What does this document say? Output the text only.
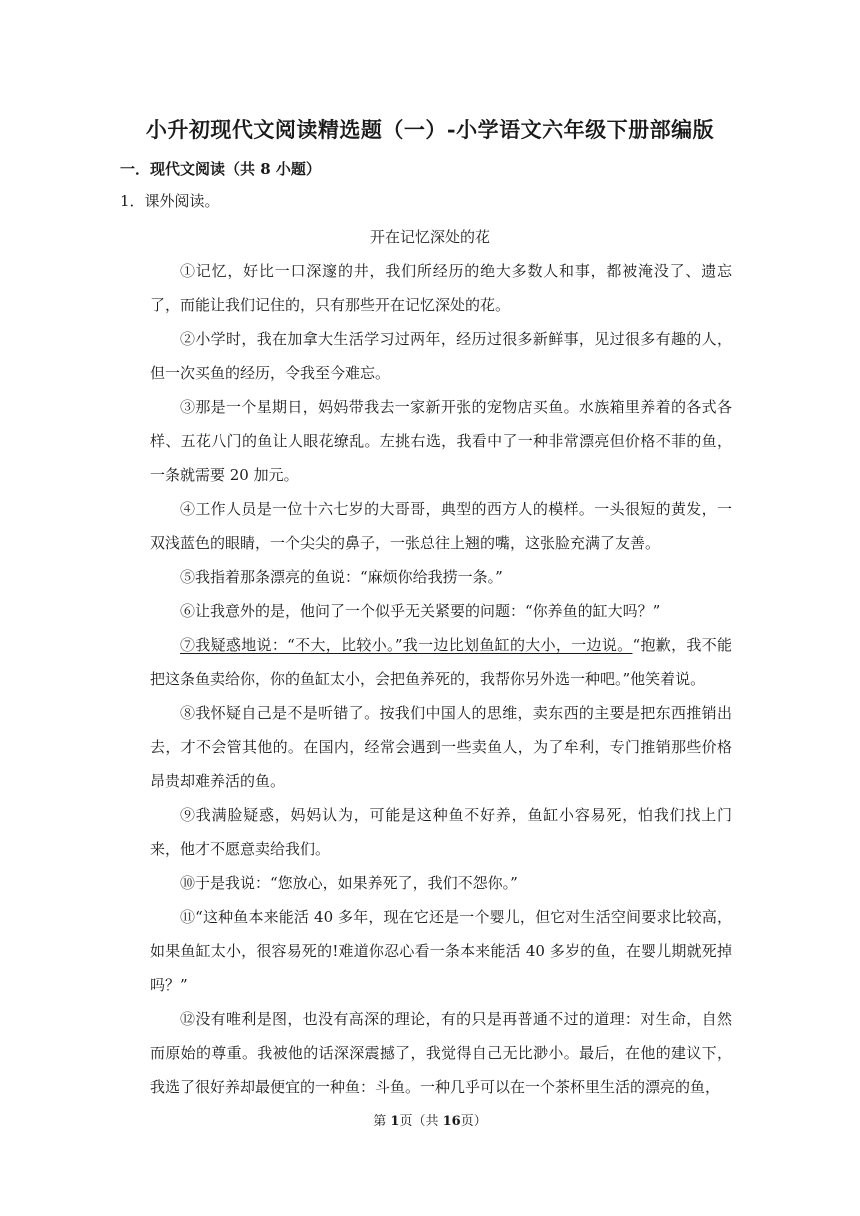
小升初现代文阅读精选题（一）-小学语文六年级下册部编版
一．现代文阅读（共 8 小题）
1．课外阅读。
开在记忆深处的花

①记忆，好比一口深邃的井，我们所经历的绝大多数人和事，都被淹没了、遗忘了，而能让我们记住的，只有那些开在记忆深处的花。

②小学时，我在加拿大生活学习过两年，经历过很多新鲜事，见过很多有趣的人，但一次买鱼的经历，令我至今难忘。

③那是一个星期日，妈妈带我去一家新开张的宠物店买鱼。水族箱里养着的各式各样、五花八门的鱼让人眼花缭乱。左挑右选，我看中了一种非常漂亮但价格不菲的鱼，一条就需要 20 加元。

④工作人员是一位十六七岁的大哥哥，典型的西方人的模样。一头很短的黄发，一双浅蓝色的眼睛，一个尖尖的鼻子，一张总往上翘的嘴，这张脸充满了友善。

⑤我指着那条漂亮的鱼说：“麻烦你给我捞一条。”

⑥让我意外的是，他问了一个似乎无关紧要的问题：“你养鱼的缸大吗？”

⑦我疑惑地说：“不大，比较小。”我一边比划鱼缸的大小，一边说。“抱歉，我不能把这条鱼卖给你，你的鱼缸太小，会把鱼养死的，我帮你另外选一种吧。”他笑着说。

⑧我怀疑自己是不是听错了。按我们中国人的思维，卖东西的主要是把东西推销出去，才不会管其他的。在国内，经常会遇到一些卖鱼人，为了牟利，专门推销那些价格昂贵却难养活的鱼。

⑨我满脸疑惑，妈妈认为，可能是这种鱼不好养，鱼缸小容易死，怕我们找上门来，他才不愿意卖给我们。

⑩于是我说：“您放心，如果养死了，我们不怨你。”

⑪“这种鱼本来能活 40 多年，现在它还是一个婴儿，但它对生活空间要求比较高，如果鱼缸太小，很容易死的!难道你忍心看一条本来能活 40 多岁的鱼，在婴儿期就死掉吗？”

⑫没有唯利是图，也没有高深的理论，有的只是再普通不过的道理：对生命，自然而原始的尊重。我被他的话深深震撼了，我觉得自己无比渺小。最后，在他的建议下，我选了很好养却最便宜的一种鱼：斗鱼。一种几乎可以在一个茶杯里生活的漂亮的鱼，

第 1页（共 16页）
